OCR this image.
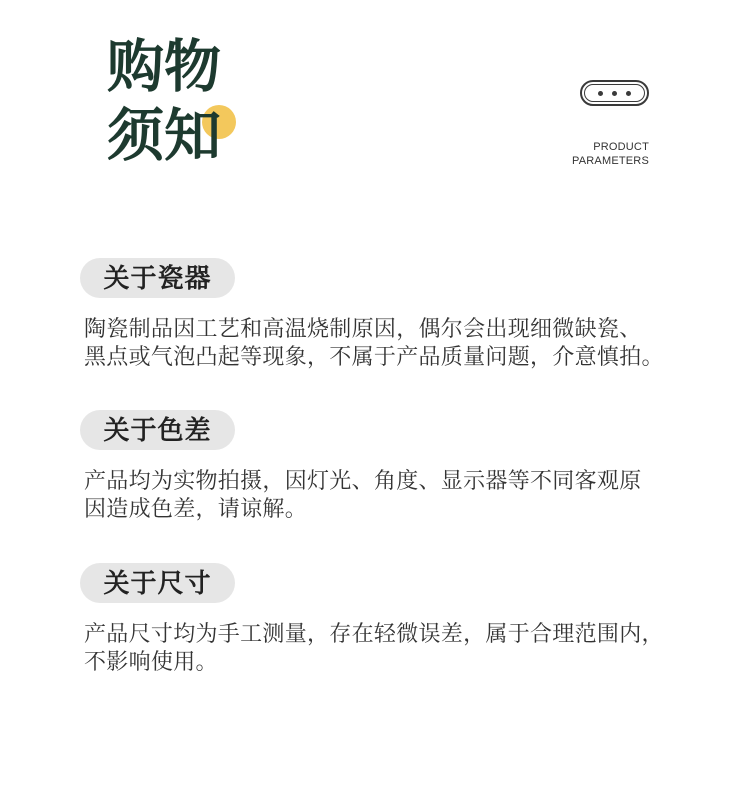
购物
须知	PRODUCT
PARAMETERS
关于瓷器
陶瓷制品因工艺和高温烧制原因，偶尔会出现细微缺瓷、
黑点或气泡凸起等现象，不属于产品质量问题，介意慎拍。
关于色差
产品均为实物拍摄，因灯光、角度、显示器等不同客观原
因造成色差，请谅解。
关于尺寸
产品尺寸均为手工测量，存在轻微误差，属于合理范围内，
不影响使用。
